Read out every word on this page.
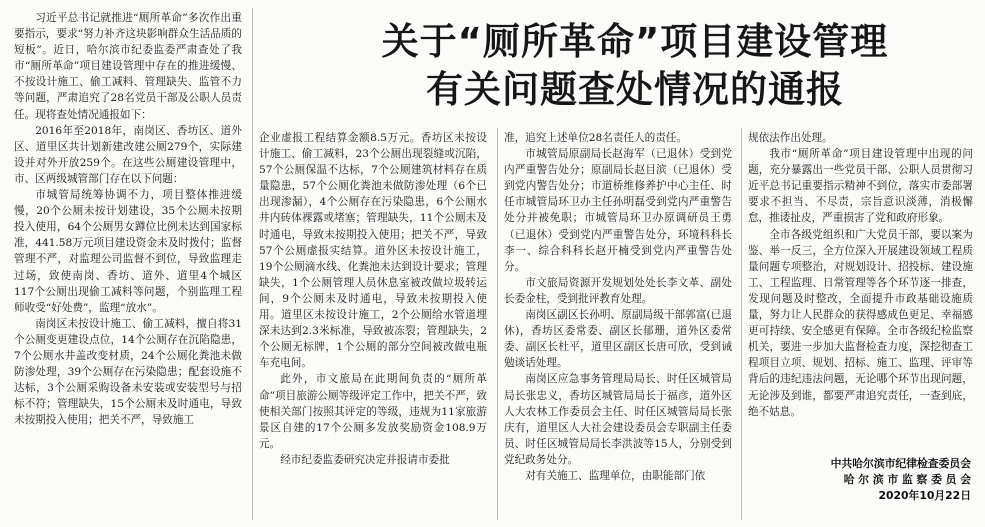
关于“厕所革命”项目建设管理
有关问题查处情况的通报

习近平总书记就推进“厕所革命”多次作出重要指示，要求“努力补齐这块影响群众生活品质的短板”。近日，哈尔滨市纪委监委严肃查处了我市“厕所革命”项目建设管理中存在的推进缓慢、不按设计施工、偷工减料、管理缺失、监管不力等问题，严肃追究了28名党员干部及公职人员责任。现将查处情况通报如下：

2016年至2018年，南岗区、香坊区、道外区、道里区共计划新建改建公厕279个，实际建设并对外开放259个。在这些公厕建设管理中，市、区两级城管部门存在以下问题：

市城管局统筹协调不力，项目整体推进缓慢，20个公厕未按计划建设，35个公厕未按期投入使用，64个公厕男女蹲位比例未达到国家标准，441.58万元项目建设资金未及时拨付；监督管理不严，对监理公司监督不到位，导致监理走过场，致使南岗、香坊、道外、道里4个城区117个公厕出现偷工减料等问题，个别监理工程师收受“好处费”，监理“放水”。

南岗区未按设计施工、偷工减料，擅自将31个公厕变更建设点位，14个公厕存在沉陷隐患，7个公厕水井盖改变材质，24个公厕化粪池未做防渗处理，39个公厕存在污染隐患；配套设施不达标，3个公厕采购设备未安装或安装型号与招标不符；管理缺失，15个公厕未及时通电，导致未按期投入使用；把关不严，导致施工

企业虚报工程结算金额8.5万元。香坊区未按设计施工、偷工减料，23个公厕出现裂缝或沉陷，57个公厕保温不达标，7个公厕建筑材料存在质量隐患，57个公厕化粪池未做防渗处理（6个已出现渗漏），4个公厕存在污染隐患，6个公厕水井内砖体裸露或堵塞；管理缺失，11个公厕未及时通电，导致未按期投入使用；把关不严，导致57个公厕虚报实结算。道外区未按设计施工，19个公厕滴水线、化粪池未达到设计要求；管理缺失，1个公厕管理人员休息室被改做垃圾转运间，9个公厕未及时通电，导致未按期投入使用。道里区未按设计施工，2个公厕给水管道埋深未达到2.3米标准，导致被冻裂；管理缺失，2个公厕无标牌，1个公厕的部分空间被改做电瓶车充电间。

此外，市文旅局在此期间负责的“厕所革命”项目旅游公厕等级评定工作中，把关不严，致使相关部门按照其评定的等级，违规为11家旅游景区自建的17个公厕多发放奖励资金108.9万元。

经市纪委监委研究决定并报请市委批

准，追究上述单位28名责任人的责任。

市城管局原副局长赵海军（已退休）受到党内严重警告处分；原副局长赵目滨（已退休）受到党内警告处分；市道桥维修养护中心主任、时任市城管局环卫办主任孙明磊受到党内严重警告处分并被免职；市城管局环卫办原调研员王勇（已退休）受到党内严重警告处分，环境科科长李一、综合科科长赵开楠受到党内严重警告处分。

市文旅局资源开发规划处处长李文革、副处长委金柱，受到批评教育处理。

南岗区副区长孙明、原副局级干部郭富(已退休)，香坊区委常委、副区长郁珊，道外区委常委、副区长杜平，道里区副区长唐可欣，受到诫勉谈话处理。

南岗区应急事务管理局局长、时任区城管局局长张忠义，香坊区城管局局长于福彦，道外区人大农林工作委员会主任、时任区城管局局长张庆有，道里区人大社会建设委员会专职副主任委员、时任区城管局局长李洪波等15人，分别受到党纪政务处分。

对有关施工、监理单位，由职能部门依

规依法作出处理。

我市“厕所革命”项目建设管理中出现的问题，充分暴露出一些党员干部、公职人员贯彻习近平总书记重要指示精神不到位，落实市委部署要求不担当、不尽责，宗旨意识淡薄，消极懈怠，推诿扯皮，严重损害了党和政府形象。

全市各级党组织和广大党员干部，要以案为鉴、举一反三，全方位深入开展建设领域工程质量问题专项整治，对规划设计、招投标、建设施工、工程监理、日常管理等各个环节逐一排查，发现问题及时整改，全面提升市政基础设施质量，努力让人民群众的获得感成色更足、幸福感更可持续、安全感更有保障。全市各级纪检监察机关，要进一步加大监督检查力度，深挖彻查工程项目立项、规划、招标、施工、监理、评审等背后的违纪违法问题，无论哪个环节出现问题，无论涉及到谁，都要严肃追究责任，一查到底，绝不姑息。

中共哈尔滨市纪律检查委员会
哈 尔 滨 市 监 察 委 员 会
2020年10月22日
